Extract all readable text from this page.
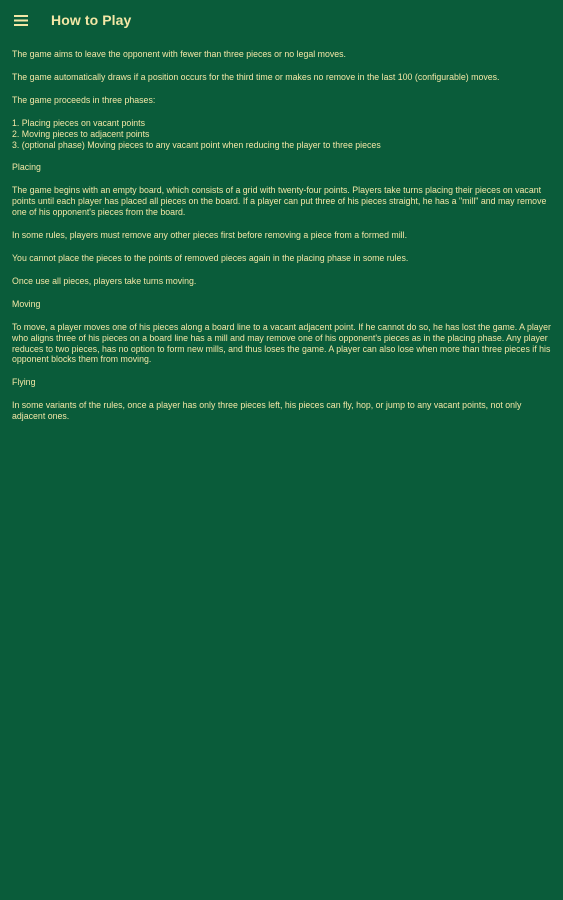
How to Play

The game aims to leave the opponent with fewer than three pieces or no legal moves.

The game automatically draws if a position occurs for the third time or makes no remove in the last 100 (configurable) moves.

The game proceeds in three phases:

1. Placing pieces on vacant points
2. Moving pieces to adjacent points
3. (optional phase) Moving pieces to any vacant point when reducing the player to three pieces

Placing

The game begins with an empty board, which consists of a grid with twenty-four points. Players take turns placing their pieces on vacant points until each player has placed all pieces on the board. If a player can put three of his pieces straight, he has a "mill" and may remove one of his opponent's pieces from the board.

In some rules, players must remove any other pieces first before removing a piece from a formed mill.

You cannot place the pieces to the points of removed pieces again in the placing phase in some rules.

Once use all pieces, players take turns moving.

Moving

To move, a player moves one of his pieces along a board line to a vacant adjacent point. If he cannot do so, he has lost the game. A player who aligns three of his pieces on a board line has a mill and may remove one of his opponent's pieces as in the placing phase. Any player reduces to two pieces, has no option to form new mills, and thus loses the game. A player can also lose when more than three pieces if his opponent blocks them from moving.

Flying

In some variants of the rules, once a player has only three pieces left, his pieces can fly, hop, or jump to any vacant points, not only adjacent ones.
